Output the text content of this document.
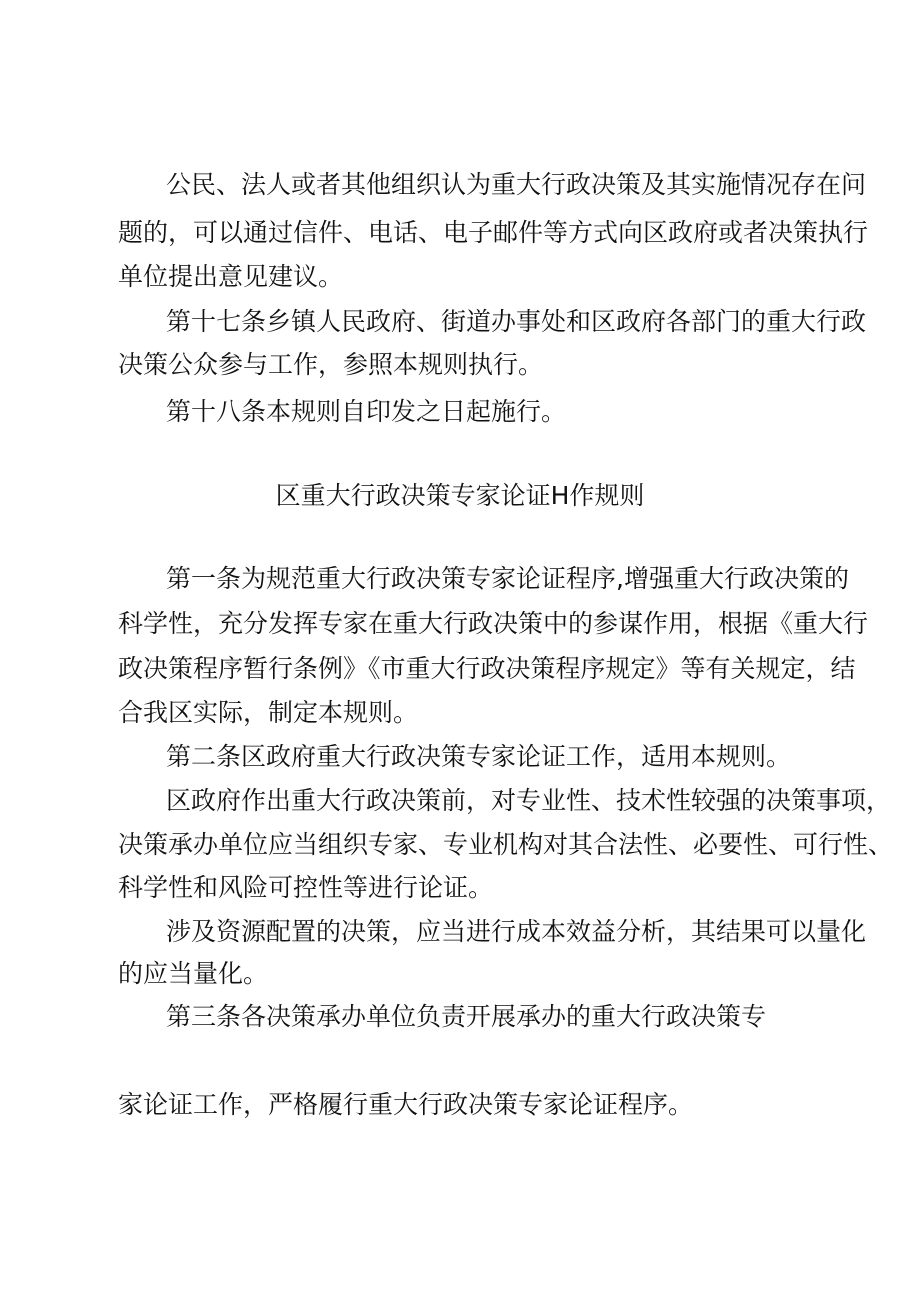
公民、法人或者其他组织认为重大行政决策及其实施情况存在问
题的，可以通过信件、电话、电子邮件等方式向区政府或者决策执行
单位提出意见建议。
第十七条乡镇人民政府、街道办事处和区政府各部门的重大行政
决策公众参与工作，参照本规则执行。
第十八条本规则自印发之日起施行。
区重大行政决策专家论证H作规则
第一条为规范重大行政决策专家论证程序,增强重大行政决策的
科学性，充分发挥专家在重大行政决策中的参谋作用，根据《重大行
政决策程序暂行条例》《市重大行政决策程序规定》等有关规定，结
合我区实际，制定本规则。
第二条区政府重大行政决策专家论证工作，适用本规则。
区政府作出重大行政决策前，对专业性、技术性较强的决策事项，
决策承办单位应当组织专家、专业机构对其合法性、必要性、可行性、
科学性和风险可控性等进行论证。
涉及资源配置的决策，应当进行成本效益分析，其结果可以量化
的应当量化。
第三条各决策承办单位负责开展承办的重大行政决策专
家论证工作，严格履行重大行政决策专家论证程序。
